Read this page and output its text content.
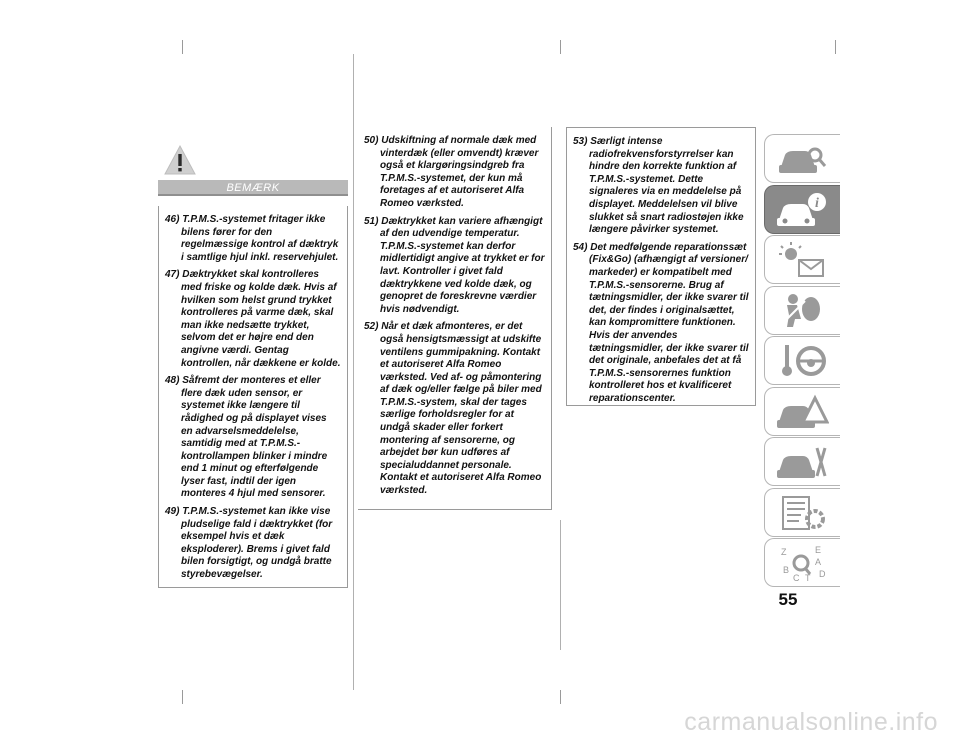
BEMÆRK

46) T.P.M.S.-systemet fritager ikke bilens fører for den regelmæssige kontrol af dæktryk i samtlige hjul inkl. reservehjulet.

47) Dæktrykket skal kontrolleres med friske og kolde dæk. Hvis af hvilken som helst grund trykket kontrolleres på varme dæk, skal man ikke nedsætte trykket, selvom det er højre end den angivne værdi. Gentag kontrollen, når dækkene er kolde.

48) Såfremt der monteres et eller flere dæk uden sensor, er systemet ikke længere til rådighed og på displayet vises en advarselsmeddelelse, samtidig med at T.P.M.S.-kontrollampen blinker i mindre end 1 minut og efterfølgende lyser fast, indtil der igen monteres 4 hjul med sensorer.

49) T.P.M.S.-systemet kan ikke vise pludselige fald i dæktrykket (for eksempel hvis et dæk eksploderer). Brems i givet fald bilen forsigtigt, og undgå bratte styrebevægelser.

50) Udskiftning af normale dæk med vinterdæk (eller omvendt) kræver også et klargøringsindgreb fra T.P.M.S.-systemet, der kun må foretages af et autoriseret Alfa Romeo værksted.

51) Dæktrykket kan variere afhængigt af den udvendige temperatur. T.P.M.S.-systemet kan derfor midlertidigt angive at trykket er for lavt. Kontroller i givet fald dæktrykkene ved kolde dæk, og genopret de foreskrevne værdier hvis nødvendigt.

52) Når et dæk afmonteres, er det også hensigtsmæssigt at udskifte ventilens gummipakning. Kontakt et autoriseret Alfa Romeo værksted. Ved af- og påmontering af dæk og/eller fælge på biler med T.P.M.S.-system, skal der tages særlige forholdsregler for at undgå skader eller forkert montering af sensorerne, og arbejdet bør kun udføres af specialuddannet personale. Kontakt et autoriseret Alfa Romeo værksted.

53) Særligt intense radiofrekvensforstyrrelser kan hindre den korrekte funktion af T.P.M.S.-systemet. Dette signaleres via en meddelelse på displayet. Meddelelsen vil blive slukket så snart radiostøjen ikke længere påvirker systemet.

54) Det medfølgende reparationssæt (Fix&Go) (afhængigt af versioner/ markeder) er kompatibelt med T.P.M.S.-sensorerne. Brug af tætningsmidler, der ikke svarer til det, der findes i originalsættet, kan kompromittere funktionen. Hvis der anvendes tætningsmidler, der ikke svarer til det originale, anbefales det at få T.P.M.S.-sensorernes funktion kontrolleret hos et kvalificeret reparationscenter.

i
Z	E
B
A
C T D
55
carmanualsonline.info
